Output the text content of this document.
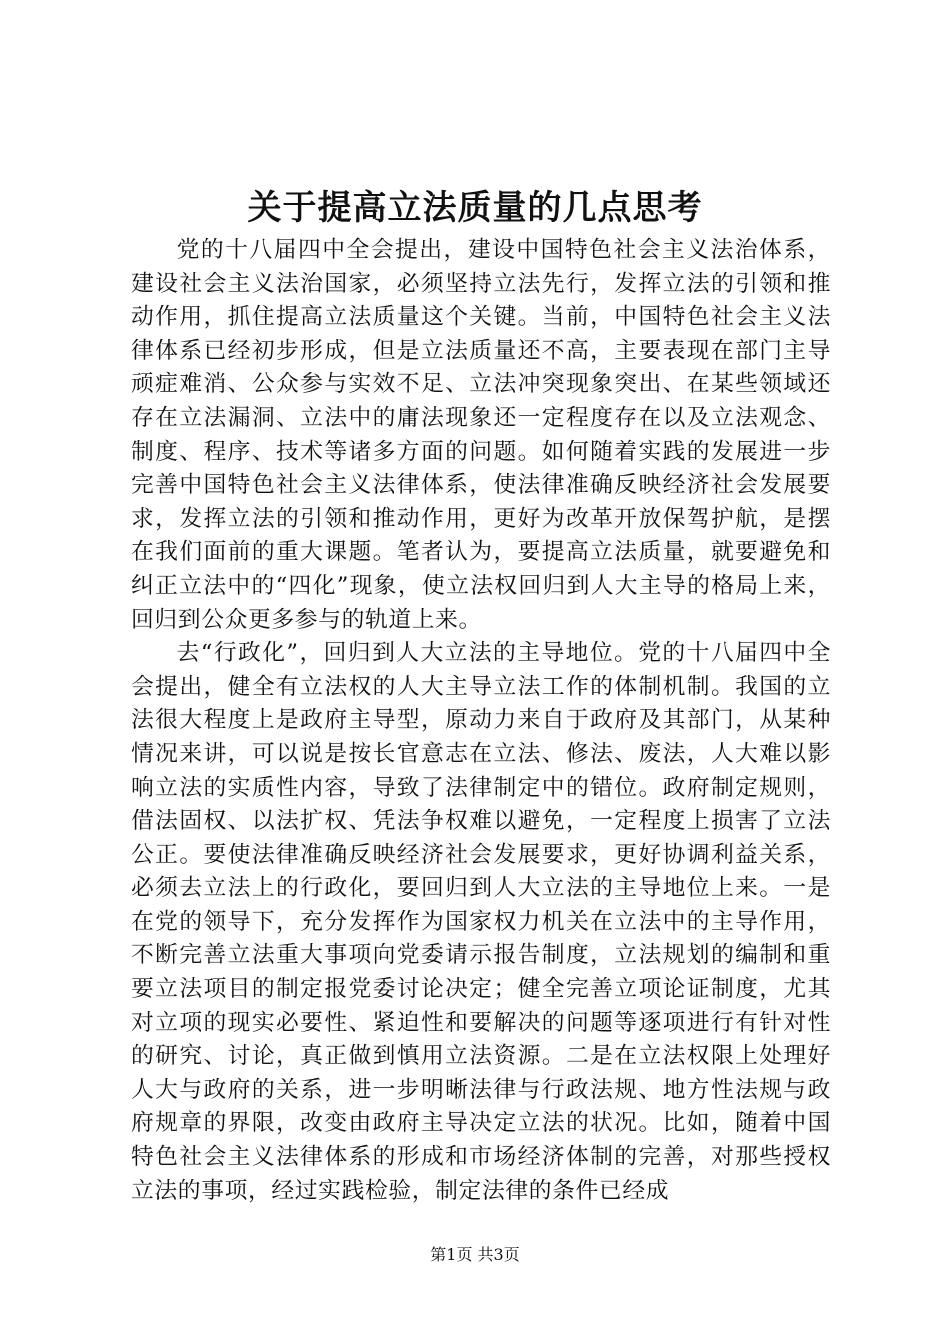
关于提高立法质量的几点思考

党的十八届四中全会提出，建设中国特色社会主义法治体系，建设社会主义法治国家，必须坚持立法先行，发挥立法的引领和推动作用，抓住提高立法质量这个关键。当前，中国特色社会主义法律体系已经初步形成，但是立法质量还不高，主要表现在部门主导顽症难消、公众参与实效不足、立法冲突现象突出、在某些领域还存在立法漏洞、立法中的庸法现象还一定程度存在以及立法观念、制度、程序、技术等诸多方面的问题。如何随着实践的发展进一步完善中国特色社会主义法律体系，使法律准确反映经济社会发展要求，发挥立法的引领和推动作用，更好为改革开放保驾护航，是摆在我们面前的重大课题。笔者认为，要提高立法质量，就要避免和纠正立法中的“四化”现象，使立法权回归到人大主导的格局上来，回归到公众更多参与的轨道上来。

去“行政化”，回归到人大立法的主导地位。党的十八届四中全会提出，健全有立法权的人大主导立法工作的体制机制。我国的立法很大程度上是政府主导型，原动力来自于政府及其部门，从某种情况来讲，可以说是按长官意志在立法、修法、废法，人大难以影响立法的实质性内容，导致了法律制定中的错位。政府制定规则，借法固权、以法扩权、凭法争权难以避免，一定程度上损害了立法公正。要使法律准确反映经济社会发展要求，更好协调利益关系，必须去立法上的行政化，要回归到人大立法的主导地位上来。一是在党的领导下，充分发挥作为国家权力机关在立法中的主导作用，不断完善立法重大事项向党委请示报告制度，立法规划的编制和重要立法项目的制定报党委讨论决定；健全完善立项论证制度，尤其对立项的现实必要性、紧迫性和要解决的问题等逐项进行有针对性的研究、讨论，真正做到慎用立法资源。二是在立法权限上处理好人大与政府的关系，进一步明晰法律与行政法规、地方性法规与政府规章的界限，改变由政府主导决定立法的状况。比如，随着中国特色社会主义法律体系的形成和市场经济体制的完善，对那些授权立法的事项，经过实践检验，制定法律的条件已经成

第1页 共3页
